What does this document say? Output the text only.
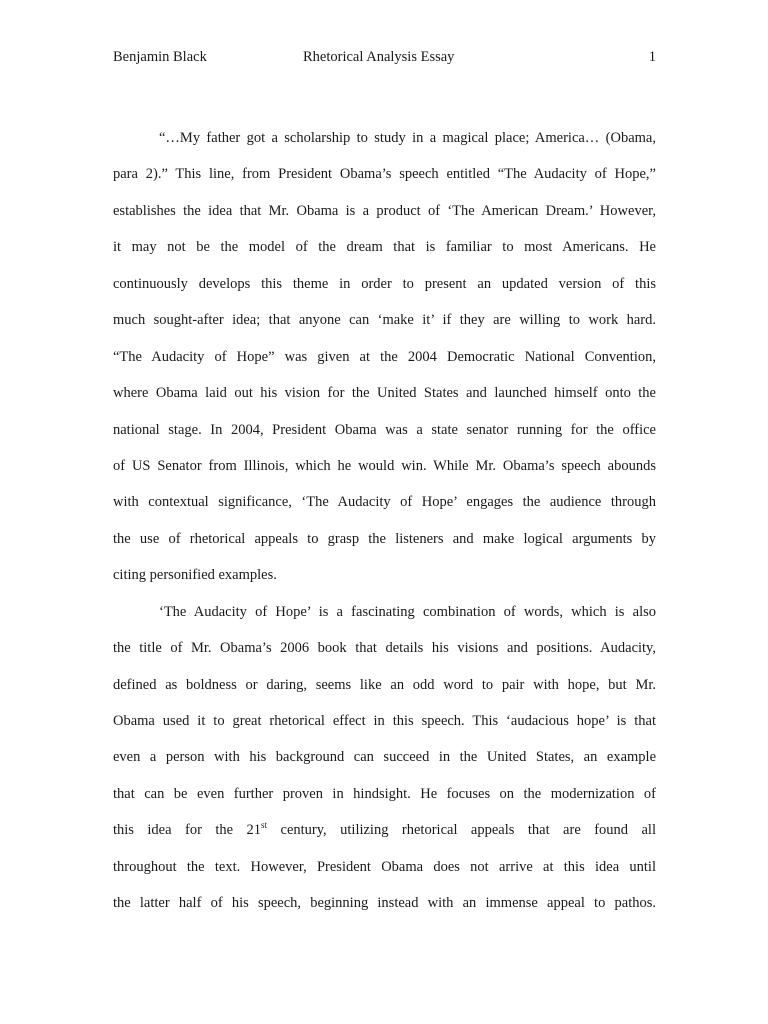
Benjamin Black	Rhetorical Analysis Essay	1
“…My father got a scholarship to study in a magical place; America… (Obama,
para 2).” This line, from President Obama’s speech entitled “The Audacity of Hope,”
establishes the idea that Mr. Obama is a product of ‘The American Dream.’ However,
it may not be the model of the dream that is familiar to most Americans. He
continuously develops this theme in order to present an updated version of this
much sought-after idea; that anyone can ‘make it’ if they are willing to work hard.
“The Audacity of Hope” was given at the 2004 Democratic National Convention,
where Obama laid out his vision for the United States and launched himself onto the
national stage. In 2004, President Obama was a state senator running for the office
of US Senator from Illinois, which he would win. While Mr. Obama’s speech abounds
with contextual significance, ‘The Audacity of Hope’ engages the audience through
the use of rhetorical appeals to grasp the listeners and make logical arguments by
citing personified examples.
‘The Audacity of Hope’ is a fascinating combination of words, which is also
the title of Mr. Obama’s 2006 book that details his visions and positions. Audacity,
defined as boldness or daring, seems like an odd word to pair with hope, but Mr.
Obama used it to great rhetorical effect in this speech. This ‘audacious hope’ is that
even a person with his background can succeed in the United States, an example
that can be even further proven in hindsight. He focuses on the modernization of
this idea for the 21st century, utilizing rhetorical appeals that are found all
throughout the text. However, President Obama does not arrive at this idea until
the latter half of his speech, beginning instead with an immense appeal to pathos.
